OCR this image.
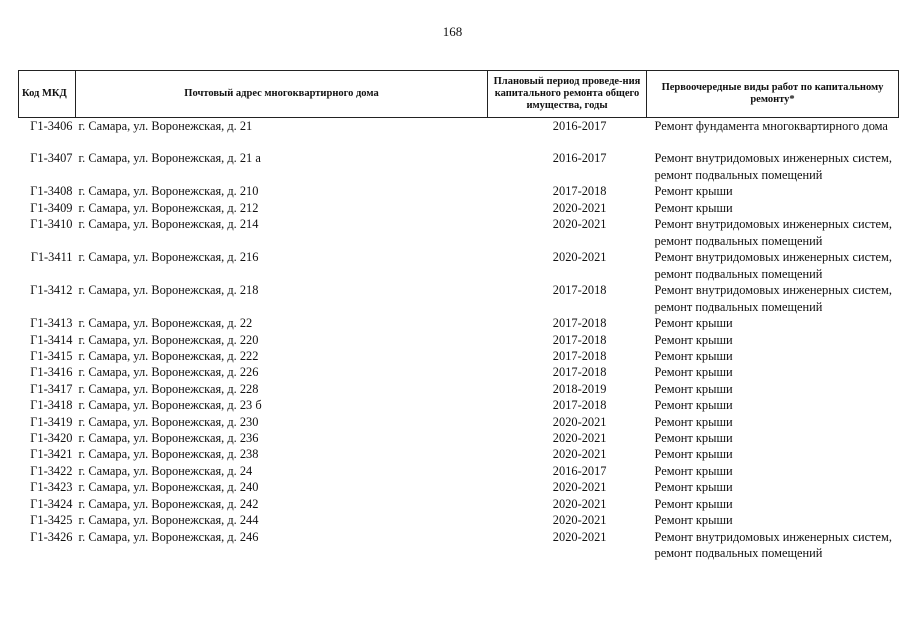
168
Код МКД	Почтовый адрес многоквартирного дома	Плановый период проведе-ния капитального ремонта общего имущества, годы	Первоочередные виды работ по капитальному ремонту*
Г1-3406	г. Самара, ул. Воронежская, д. 21	2016-2017	Ремонт фундамента многоквартирного дома
Г1-3407	г. Самара, ул. Воронежская, д. 21 а	2016-2017	Ремонт внутридомовых инженерных систем, ремонт подвальных помещений
Г1-3408	г. Самара, ул. Воронежская, д. 210	2017-2018	Ремонт крыши
Г1-3409	г. Самара, ул. Воронежская, д. 212	2020-2021	Ремонт крыши
Г1-3410	г. Самара, ул. Воронежская, д. 214	2020-2021	Ремонт внутридомовых инженерных систем, ремонт подвальных помещений
Г1-3411	г. Самара, ул. Воронежская, д. 216	2020-2021	Ремонт внутридомовых инженерных систем, ремонт подвальных помещений
Г1-3412	г. Самара, ул. Воронежская, д. 218	2017-2018	Ремонт внутридомовых инженерных систем, ремонт подвальных помещений
Г1-3413	г. Самара, ул. Воронежская, д. 22	2017-2018	Ремонт крыши
Г1-3414	г. Самара, ул. Воронежская, д. 220	2017-2018	Ремонт крыши
Г1-3415	г. Самара, ул. Воронежская, д. 222	2017-2018	Ремонт крыши
Г1-3416	г. Самара, ул. Воронежская, д. 226	2017-2018	Ремонт крыши
Г1-3417	г. Самара, ул. Воронежская, д. 228	2018-2019	Ремонт крыши
Г1-3418	г. Самара, ул. Воронежская, д. 23 б	2017-2018	Ремонт крыши
Г1-3419	г. Самара, ул. Воронежская, д. 230	2020-2021	Ремонт крыши
Г1-3420	г. Самара, ул. Воронежская, д. 236	2020-2021	Ремонт крыши
Г1-3421	г. Самара, ул. Воронежская, д. 238	2020-2021	Ремонт крыши
Г1-3422	г. Самара, ул. Воронежская, д. 24	2016-2017	Ремонт крыши
Г1-3423	г. Самара, ул. Воронежская, д. 240	2020-2021	Ремонт крыши
Г1-3424	г. Самара, ул. Воронежская, д. 242	2020-2021	Ремонт крыши
Г1-3425	г. Самара, ул. Воронежская, д. 244	2020-2021	Ремонт крыши
Г1-3426	г. Самара, ул. Воронежская, д. 246	2020-2021	Ремонт внутридомовых инженерных систем, ремонт подвальных помещений
